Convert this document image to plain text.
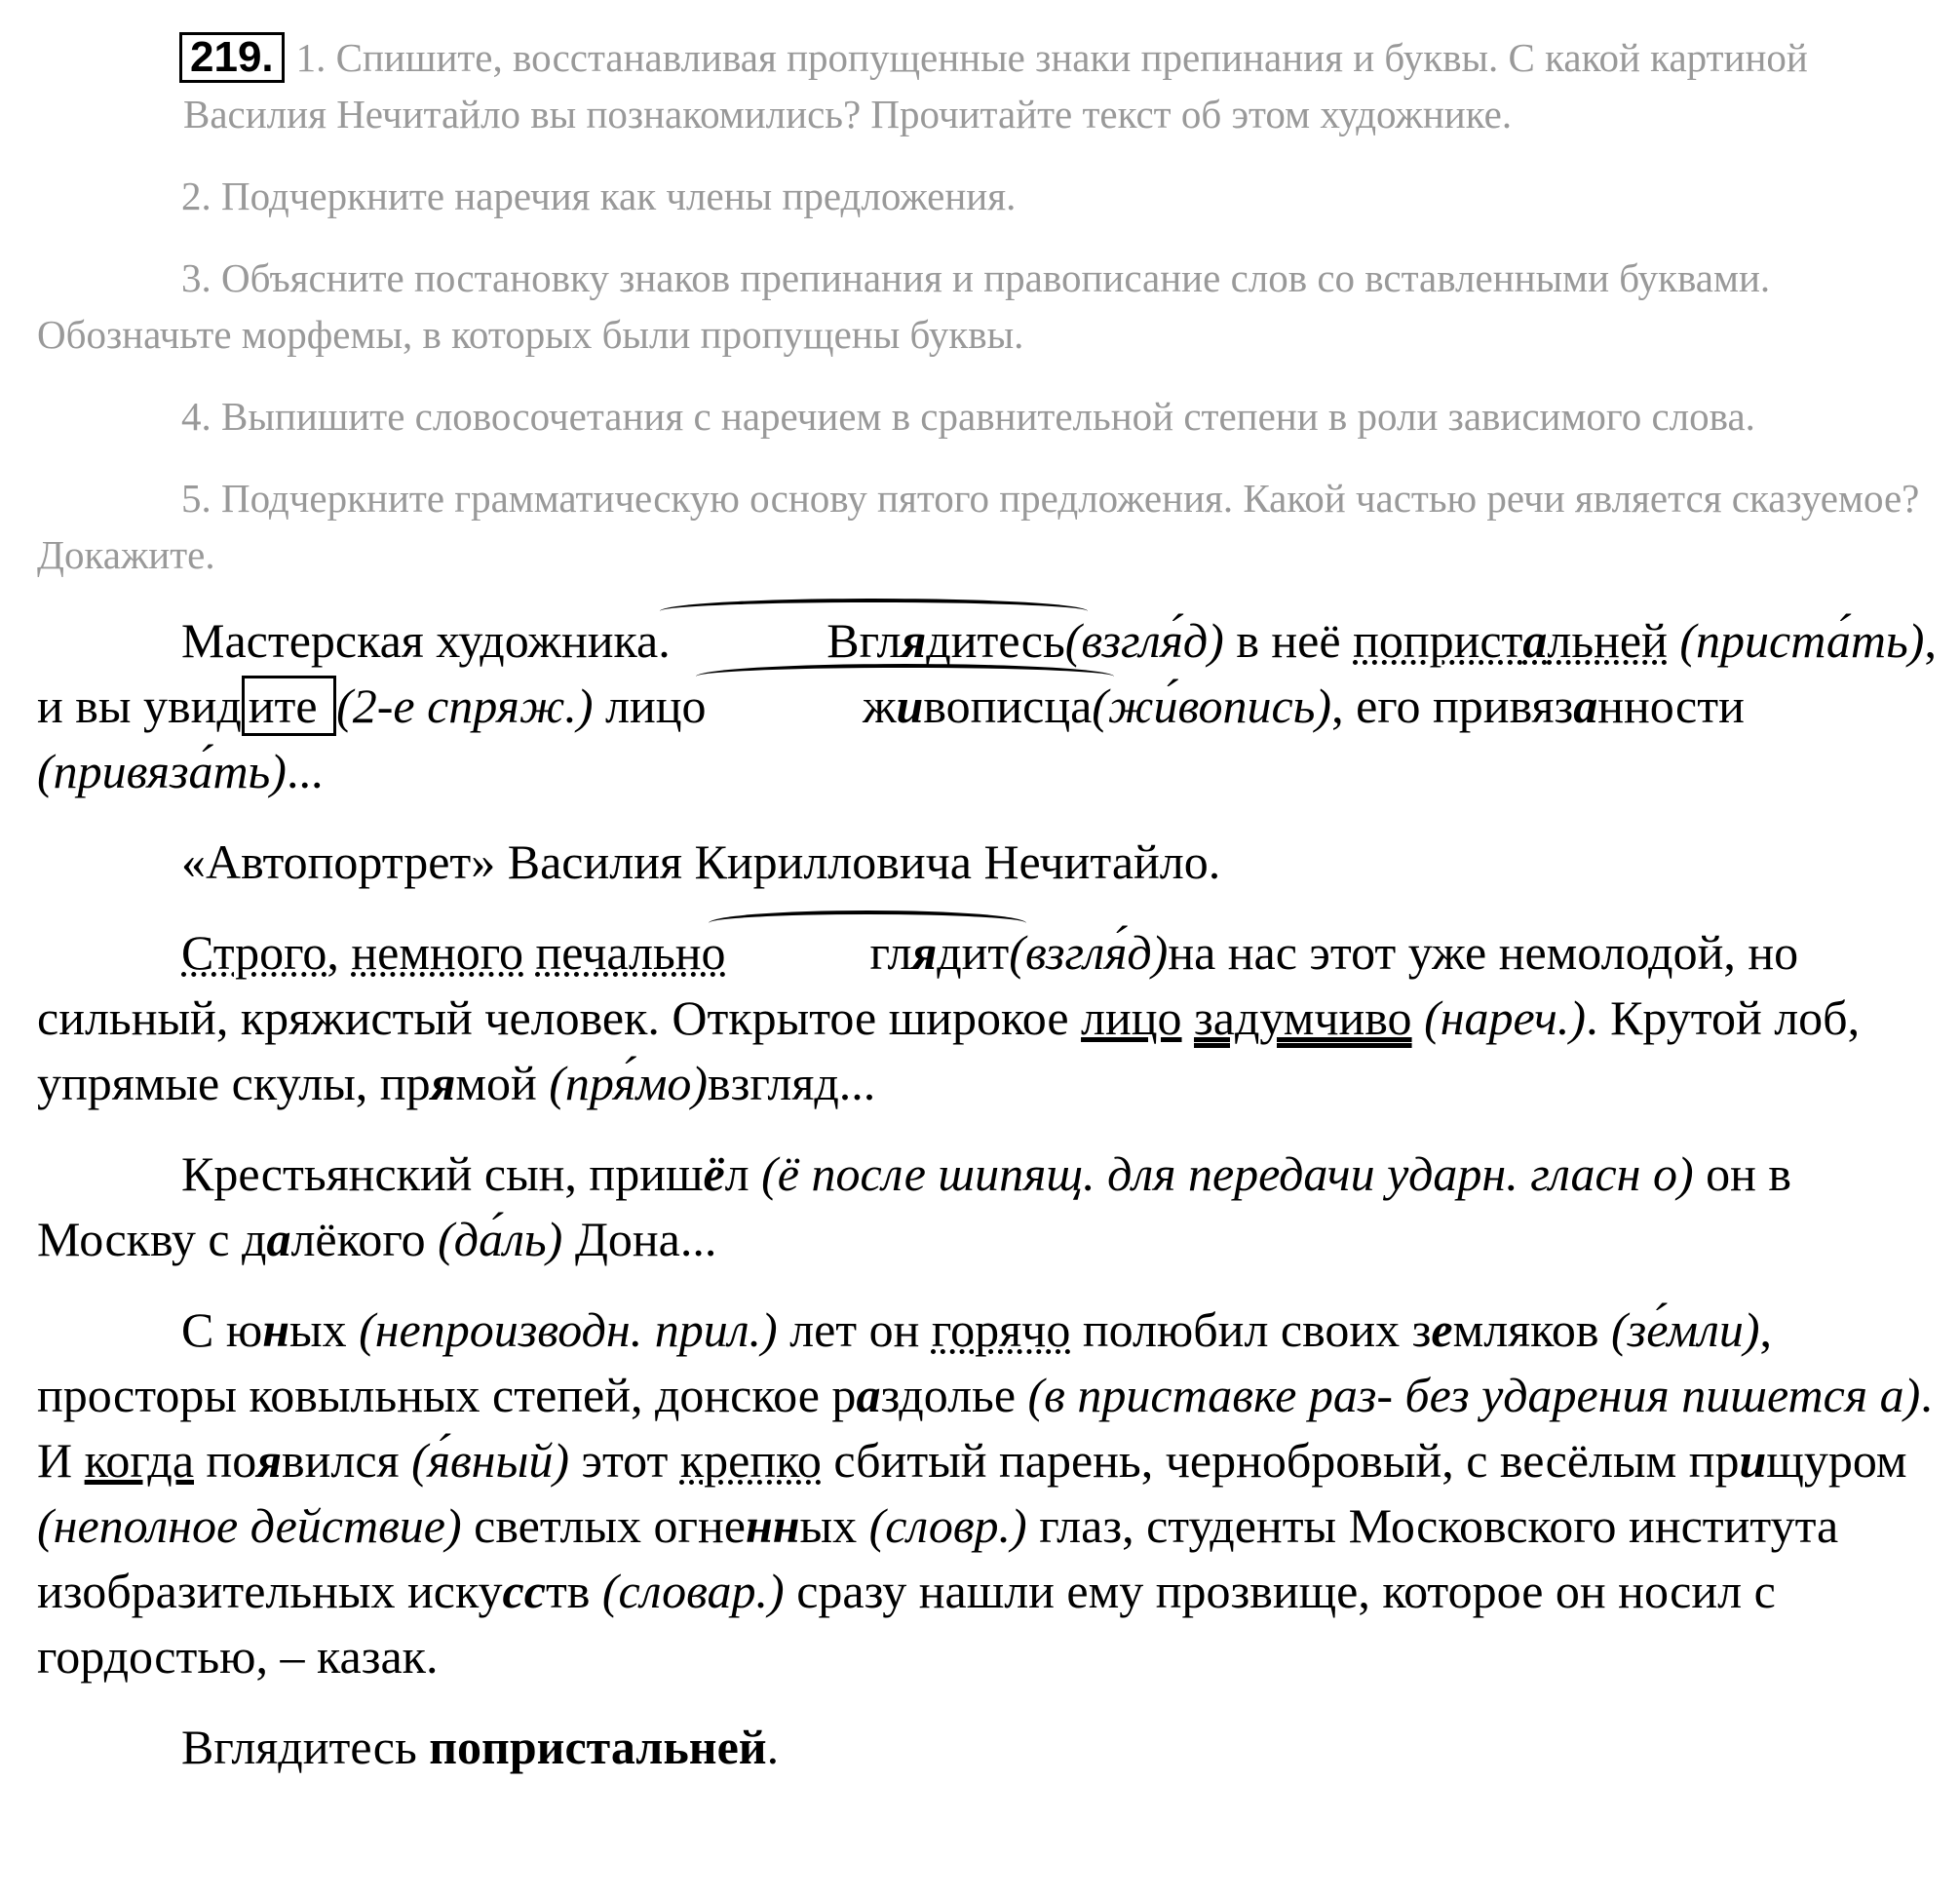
219. 1. Спишите, восстанавливая пропущенные знаки препинания и буквы. С какой картиной Василия Нечитайло вы познакомились? Прочитайте текст об этом художнике.

2. Подчеркните наречия как члены предложения.

3. Объясните постановку знаков препинания и правописание слов со вставленными буквами. Обозначьте морфемы, в которых были пропущены буквы.

4. Выпишите словосочетания с наречием в сравнительной степени в роли зависимого слова.

5. Подчеркните грамматическую основу пятого предложения. Какой частью речи является сказуемое? Докажите.

Мастерская художника.	Вглядитесь(взгля́д) в неё попристальней (приста́ть), и вы увид ите (2-е спряж.) лицо	живописца(жи́вопись), его привязанности (привяза́ть)...

«Автопортрет» Василия Кирилловича Нечитайло.

Строго, немного печально	глядит(взгля́д)на нас этот уже немолодой, но сильный, кряжистый человек. Открытое широкое лицо задумчиво (нареч.). Крутой лоб, упрямые скулы, прямой (пря́мо)взгляд...

Крестьянский сын, пришёл (ё после шипящ. для передачи ударн. гласн о) он в Москву с далёкого (да́ль) Дона...

С юных (непроизводн. прил.) лет он горячо полюбил своих земляков (зе́мли), просторы ковыльных степей, донское раздолье (в приставке раз- без ударения пишется а). И когда появился (я́вный) этот крепко сбитый парень, чернобровый, с весёлым прищуром (неполное действие) светлых огненных (словр.) глаз, студенты Московского института изобразительных искусств (словар.) сразу нашли ему прозвище, которое он носил с гордостью, – казак.

Вглядитесь попристальней.
